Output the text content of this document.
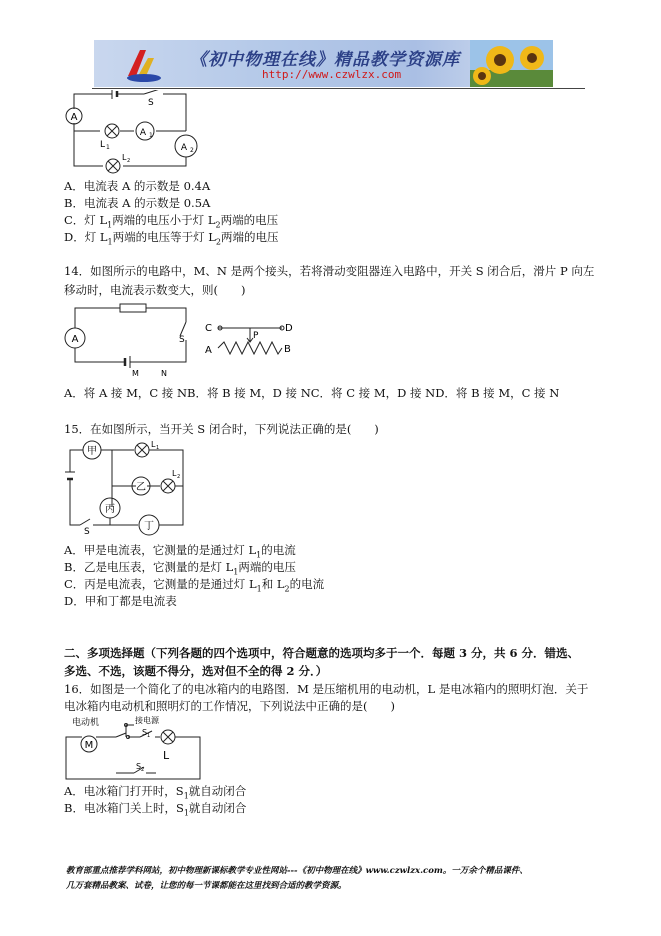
《初中物理在线》精品教学资源库
http://www.czwlzx.com
A
S
A 1
L 1	A 2
L 2
A．电流表 A 的示数是 0.4A
B．电流表 A 的示数是 0.5A
C．灯 $L_1$两端的电压小于灯 $L_2$两端的电压
D．灯 $L_1$两端的电压等于灯 $L_2$两端的电压
14．如图所示的电路中，M、N 是两个接头，若将滑动变阻器连入电路中，开关 S 闭合后，滑片 P 向左
移动时，电流表示数变大，则(　　)
A	S
M	N
C	D
P
A	B
A．将 A 接 M，C 接 NB．将 B 接 M，D 接 NC．将 C 接 M，D 接 ND．将 B 接 M，C 接 N
15．在如图所示，当开关 S 闭合时，下列说法正确的是(　　)
甲
乙
丙
丁
L 1
L 2
S
A．甲是电流表，它测量的是通过灯 $L_1$的电流
B．乙是电压表，它测量的是灯 $L_1$两端的电压
C．丙是电流表，它测量的是通过灯 $L_1$和 $L_2$的电流
D．甲和丁都是电流表
二、多项选择题（下列各题的四个选项中，符合题意的选项均多于一个．每题 3 分，共 6 分．错选、
多选、不选，该题不得分，选对但不全的得 2 分．）
16．如图是一个简化了的电冰箱内的电路图．M 是压缩机用的电动机，L 是电冰箱内的照明灯泡．关于
电冰箱内电动机和照明灯的工作情况，下列说法中正确的是(　　)
电动机
M
接电源
S 1
S 2
L
A．电冰箱门打开时，$S_1$就自动闭合
B．电冰箱门关上时，$S_1$就自动闭合
教育部重点推荐学科网站，初中物理新课标教学专业性网站---《初中物理在线》www.czwlzx.com。一万余个精品课件、
几万套精品教案、试卷，让您的每一节课都能在这里找到合适的教学资源。
